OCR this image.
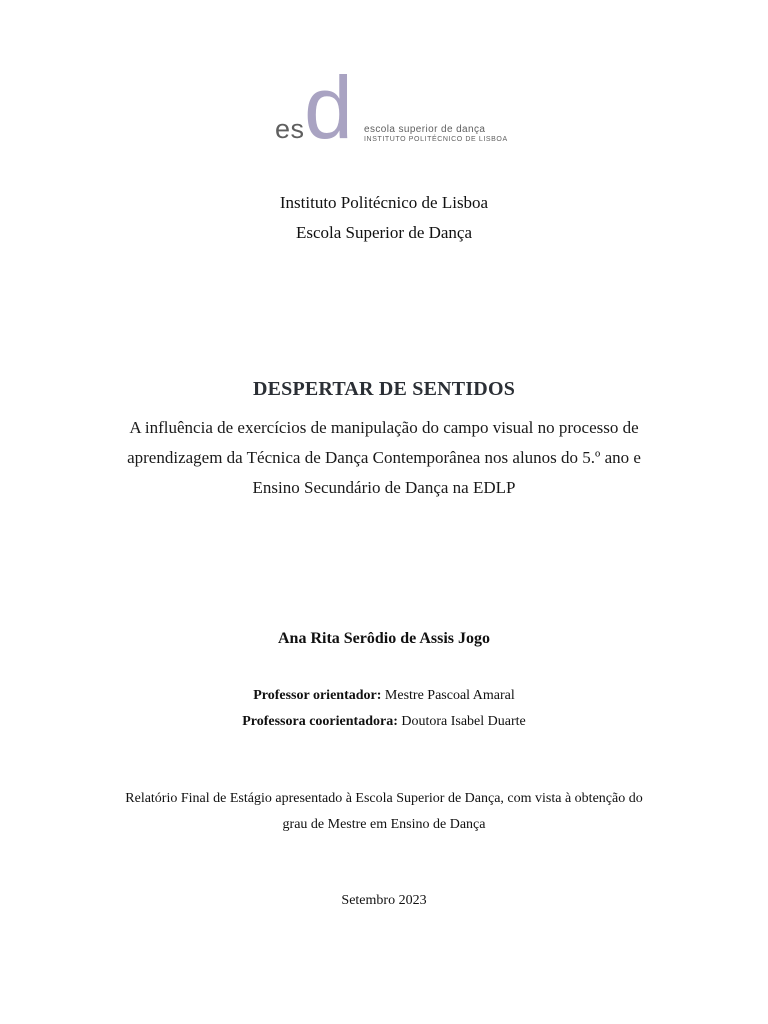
es d escola superior de dança
INSTITUTO POLITÉCNICO DE LISBOA
Instituto Politécnico de Lisboa
Escola Superior de Dança
DESPERTAR DE SENTIDOS
A influência de exercícios de manipulação do campo visual no processo de
aprendizagem da Técnica de Dança Contemporânea nos alunos do 5.º ano e
Ensino Secundário de Dança na EDLP
Ana Rita Serôdio de Assis Jogo
Professor orientador: Mestre Pascoal Amaral
Professora coorientadora: Doutora Isabel Duarte
Relatório Final de Estágio apresentado à Escola Superior de Dança, com vista à obtenção do
grau de Mestre em Ensino de Dança
Setembro 2023
